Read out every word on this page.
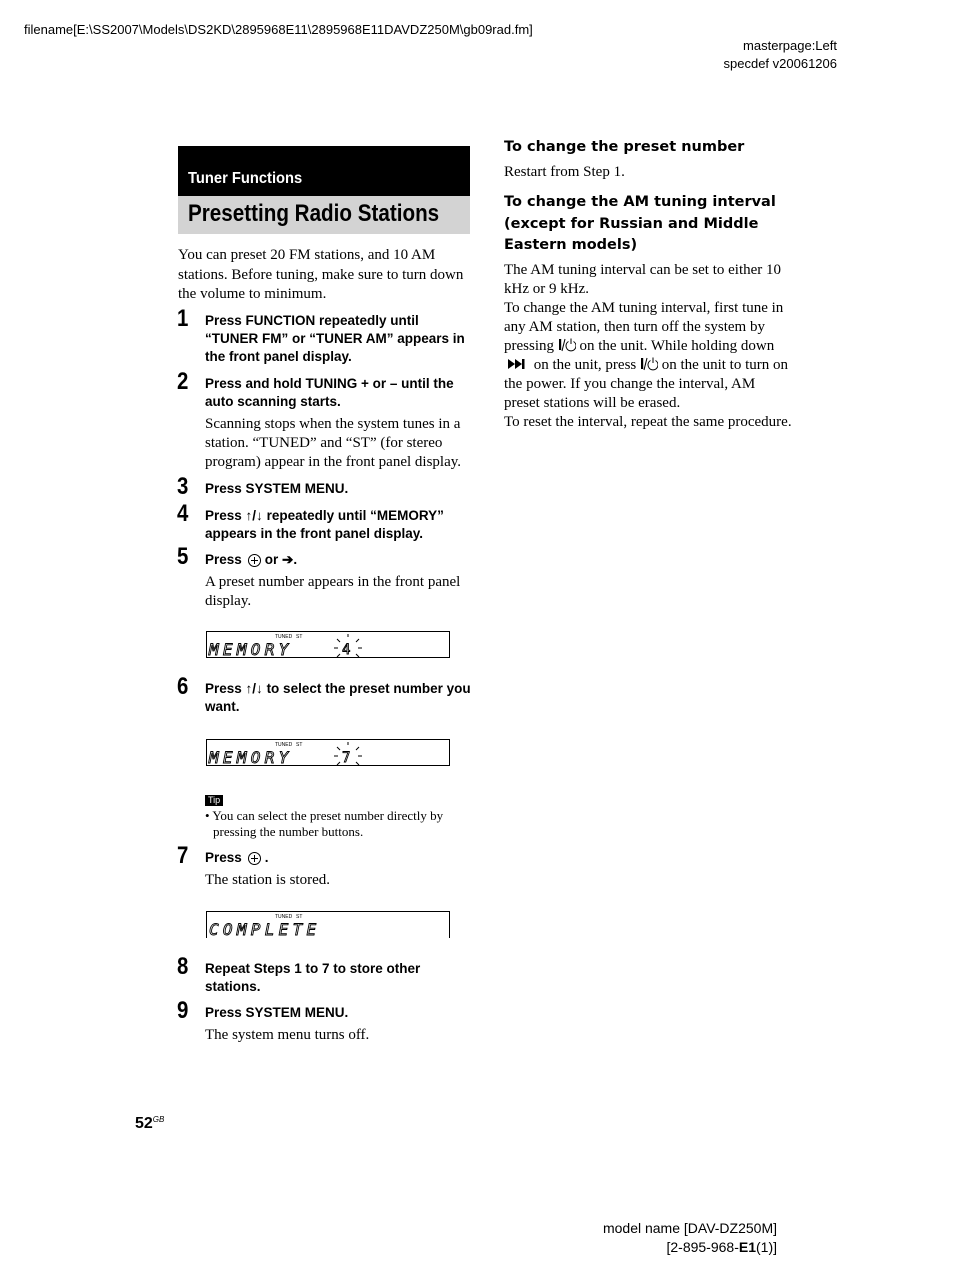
filename[E:\SS2007\Models\DS2KD\2895968E11\2895968E11DAVDZ250M\gb09rad.fm]
masterpage:Left
specdef v20061206
Tuner Functions
Presetting Radio Stations
You can preset 20 FM stations, and 10 AM stations. Before tuning, make sure to turn down the volume to minimum.
1 Press FUNCTION repeatedly until “TUNER FM” or “TUNER AM” appears in the front panel display.
2 Press and hold TUNING + or – until the auto scanning starts.
Scanning stops when the system tunes in a station. “TUNED” and “ST” (for stereo program) appear in the front panel display.
3 Press SYSTEM MENU.
4 Press ↑/↓ repeatedly until “MEMORY” appears in the front panel display.
5 Press or ➔.
A preset number appears in the front panel display.
TUNED ST
MEMORY	4
6 Press ↑/↓ to select the preset number you want.
TUNED ST
MEMORY	7
Tip
• You can select the preset number directly by pressing the number buttons.
7 Press .
The station is stored.
TUNED ST
COMPLETE
8 Repeat Steps 1 to 7 to store other stations.
9 Press SYSTEM MENU.
The system menu turns off.
To change the preset number
Restart from Step 1.
To change the AM tuning interval (except for Russian and Middle Eastern models)
The AM tuning interval can be set to either 10 kHz or 9 kHz.
To change the AM tuning interval, first tune in any AM station, then turn off the system by pressing on the unit. While holding down  on the unit, press on the unit to turn on the power. If you change the interval, AM preset stations will be erased.
To reset the interval, repeat the same procedure.
$52^{GB}$
model name [DAV-DZ250M]
[2-895-968-E1(1)]
